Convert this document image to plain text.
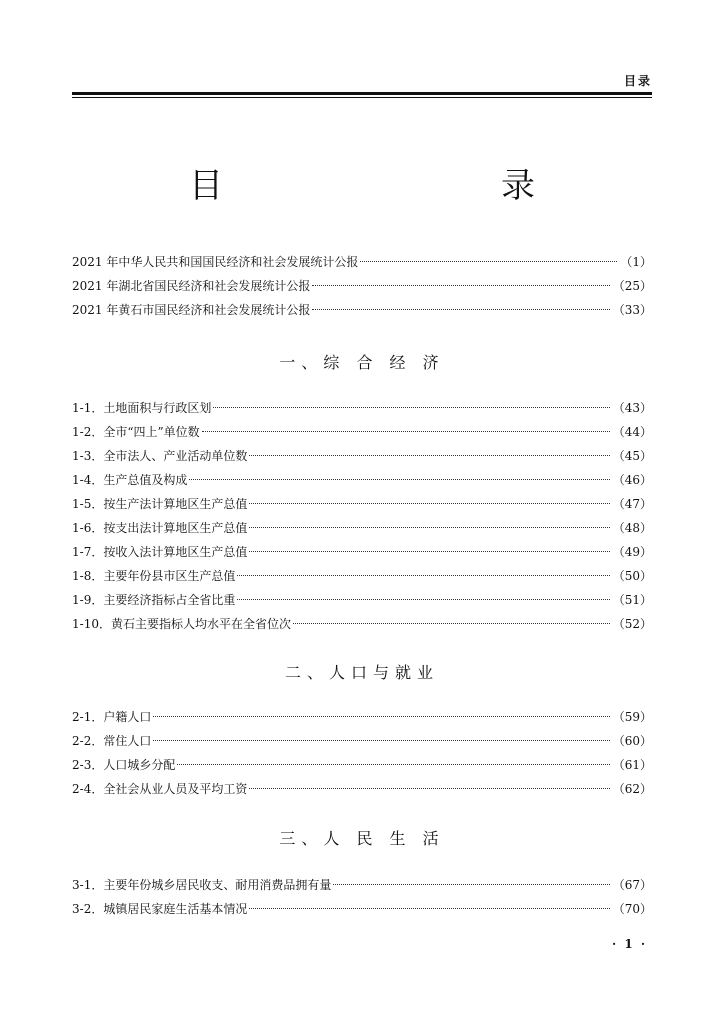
目录
目　　录
2021 年中华人民共和国国民经济和社会发展统计公报	（1）
2021 年湖北省国民经济和社会发展统计公报	（25）
2021 年黄石市国民经济和社会发展统计公报	（33）
一、综 合 经 济
1-1．土地面积与行政区划	（43）
1-2．全市“四上”单位数	（44）
1-3．全市法人、产业活动单位数	（45）
1-4．生产总值及构成	（46）
1-5．按生产法计算地区生产总值	（47）
1-6．按支出法计算地区生产总值	（48）
1-7．按收入法计算地区生产总值	（49）
1-8．主要年份县市区生产总值	（50）
1-9．主要经济指标占全省比重	（51）
1-10．黄石主要指标人均水平在全省位次	（52）
二、人口与就业
2-1．户籍人口	（59）
2-2．常住人口	（60）
2-3．人口城乡分配	（61）
2-4．全社会从业人员及平均工资	（62）
三、人 民 生 活
3-1．主要年份城乡居民收支、耐用消费品拥有量	（67）
3-2．城镇居民家庭生活基本情况	（70）
· 1 ·
